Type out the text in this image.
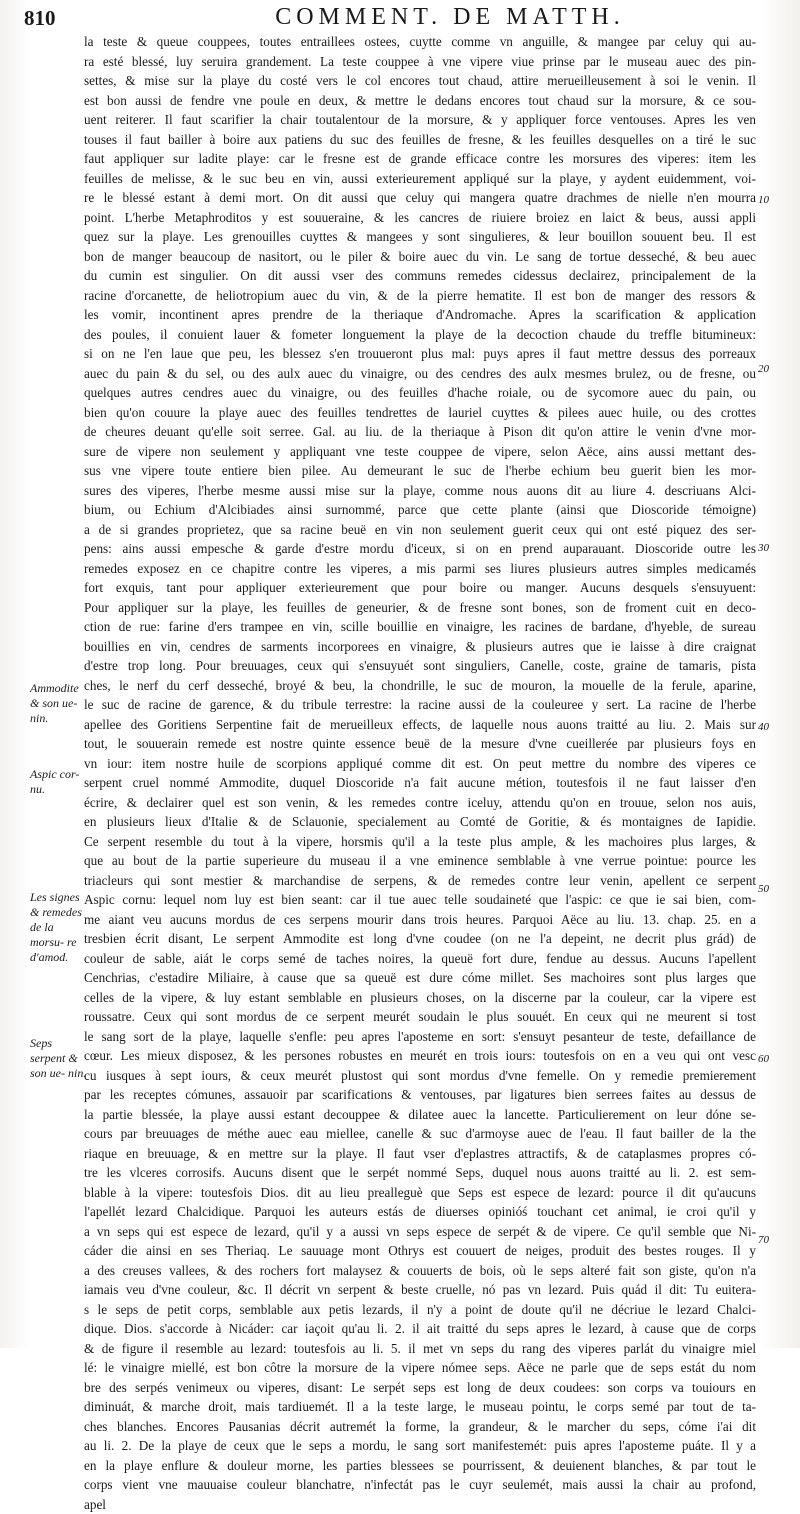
810	COMMENT. DE MATTH.
la teste & queue couppees, toutes entraillees ostees, cuytte comme vn anguille, & mangee par celuy qui au-
ra esté blessé, luy seruira grandement. La teste couppee à vne vipere viue prinse par le museau auec des pin-
settes, & mise sur la playe du costé vers le col encores tout chaud, attire merueilleusement à soi le venin. Il
est bon aussi de fendre vne poule en deux, & mettre le dedans encores tout chaud sur la morsure, & ce sou-
uent reiterer. Il faut scarifier la chair toutalentour de la morsure, & y appliquer force ventouses. Apres les ven
touses il faut bailler à boire aux patiens du suc des feuilles de fresne, & les feuilles desquelles on a tiré le suc
faut appliquer sur ladite playe: car le fresne est de grande efficace contre les morsures des viperes: item les
feuilles de melisse, & le suc beu en vin, aussi exterieurement appliqué sur la playe, y aydent euidemment, voi-
re le blessé estant à demi mort. On dit aussi que celuy qui mangera quatre drachmes de nielle n'en mourra
point. L'herbe Metaphroditos y est souueraine, & les cancres de riuiere broiez en laict & beus, aussi appli
quez sur la playe. Les grenouilles cuyttes & mangees y sont singulieres, & leur bouillon souuent beu. Il est
bon de manger beaucoup de nasitort, ou le piler & boire auec du vin. Le sang de tortue desseché, & beu auec
du cumin est singulier. On dit aussi vser des communs remedes cidessus declairez, principalement de la
racine d'orcanette, de heliotropium auec du vin, & de la pierre hematite. Il est bon de manger des ressors &
les vomir, incontinent apres prendre de la theriaque d'Andromache. Apres la scarification & application
des poules, il conuient lauer & fometer longuement la playe de la decoction chaude du treffle bitumineux:
si on ne l'en laue que peu, les blessez s'en trouueront plus mal: puys apres il faut mettre dessus des porreaux
auec du pain & du sel, ou des aulx auec du vinaigre, ou des cendres des aulx mesmes brulez, ou de fresne, ou
quelques autres cendres auec du vinaigre, ou des feuilles d'hache roiale, ou de sycomore auec du pain, ou
bien qu'on couure la playe auec des feuilles tendrettes de lauriel cuyttes & pilees auec huile, ou des crottes
de cheures deuant qu'elle soit serree. Gal. au liu. de la theriaque à Pison dit qu'on attire le venin d'vne mor-
sure de vipere non seulement y appliquant vne teste couppee de vipere, selon Aëce, ains aussi mettant des-
sus vne vipere toute entiere bien pilee. Au demeurant le suc de l'herbe echium beu guerit bien les mor-
sures des viperes, l'herbe mesme aussi mise sur la playe, comme nous auons dit au liure 4. descriuans Alci-
bium, ou Echium d'Alcibiades ainsi surnommé, parce que cette plante (ainsi que Dioscoride témoigne)
a de si grandes proprietez, que sa racine beuë en vin non seulement guerit ceux qui ont esté piquez des ser-
pens: ains aussi empesche & garde d'estre mordu d'iceux, si on en prend auparauant. Dioscoride outre les
remedes exposez en ce chapitre contre les viperes, a mis parmi ses liures plusieurs autres simples medicamés
fort exquis, tant pour appliquer exterieurement que pour boire ou manger. Aucuns desquels s'ensuyuent:
Pour appliquer sur la playe, les feuilles de geneurier, & de fresne sont bones, son de froment cuit en deco-
ction de rue: farine d'ers trampee en vin, scille bouillie en vinaigre, les racines de bardane, d'hyeble, de sureau
bouillies en vin, cendres de sarments incorporees en vinaigre, & plusieurs autres que ie laisse à dire craignat
d'estre trop long. Pour breuuages, ceux qui s'ensuyuét sont singuliers, Canelle, coste, graine de tamaris, pista
ches, le nerf du cerf desseché, broyé & beu, la chondrille, le suc de mouron, la mouelle de la ferule, aparine,
le suc de racine de garence, & du tribule terrestre: la racine aussi de la couleuree y sert. La racine de l'herbe
apellee des Goritiens Serpentine fait de merueilleux effects, de laquelle nous auons traitté au liu. 2. Mais sur
tout, le souuerain remede est nostre quinte essence beuë de la mesure d'vne cueillerée par plusieurs foys en
vn iour: item nostre huile de scorpions appliqué comme dit est. On peut mettre du nombre des viperes ce
serpent cruel nommé Ammodite, duquel Dioscoride n'a fait aucune métion, toutesfois il ne faut laisser d'en
écrire, & declairer quel est son venin, & les remedes contre iceluy, attendu qu'on en trouue, selon nos auis,
en plusieurs lieux d'Italie & de Sclauonie, specialement au Comté de Goritie, & és montaignes de Iapidie.
Ce serpent resemble du tout à la vipere, horsmis qu'il a la teste plus ample, & les machoires plus larges, &
que au bout de la partie superieure du museau il a vne eminence semblable à vne verrue pointue: pource les
triacleurs qui sont mestier & marchandise de serpens, & de remedes contre leur venin, apellent ce serpent
Aspic cornu: lequel nom luy est bien seant: car il tue auec telle soudaineté que l'aspic: ce que ie sai bien, com-
me aiant veu aucuns mordus de ces serpens mourir dans trois heures. Parquoi Aëce au liu. 13. chap. 25. en a
tresbien écrit disant, Le serpent Ammodite est long d'vne coudee (on ne l'a depeint, ne decrit plus grád) de
couleur de sable, aiát le corps semé de taches noires, la queuë fort dure, fendue au dessus. Aucuns l'apellent
Cenchrias, c'estadire Miliaire, à cause que sa queuë est dure cóme millet. Ses machoires sont plus larges que
celles de la vipere, & luy estant semblable en plusieurs choses, on la discerne par la couleur, car la vipere est
roussatre. Ceux qui sont mordus de ce serpent meurét soudain le plus souuét. En ceux qui ne meurent si tost
le sang sort de la playe, laquelle s'enfle: peu apres l'aposteme en sort: s'ensuyt pesanteur de teste, defaillance de
cœur. Les mieux disposez, & les persones robustes en meurét en trois iours: toutesfois on en a veu qui ont vesc
cu iusques à sept iours, & ceux meurét plustost qui sont mordus d'vne femelle. On y remedie premierement
par les receptes cómunes, assauoir par scarifications & ventouses, par ligatures bien serrees faites au dessus de
la partie blessée, la playe aussi estant decouppee & dilatee auec la lancette. Particulierement on leur dóne se-
cours par breuuages de méthe auec eau miellee, canelle & suc d'armoyse auec de l'eau. Il faut bailler de la the
riaque en breuuage, & en mettre sur la playe. Il faut vser d'eplastres attractifs, & de cataplasmes propres có-
tre les vlceres corrosifs. Aucuns disent que le serpét nommé Seps, duquel nous auons traitté au li. 2. est sem-
blable à la vipere: toutesfois Dios. dit au lieu prealleguè que Seps est espece de lezard: pource il dit qu'aucuns
l'apellét lezard Chalcidique. Parquoi les auteurs estás de diuerses opinióś touchant cet animal, ie croi qu'il y
a vn seps qui est espece de lezard, qu'il y a aussi vn seps espece de serpét & de vipere. Ce qu'il semble que Ni-
cáder die ainsi en ses Theriaq. Le sauuage mont Othrys est couuert de neiges, produit des bestes rouges. Il y
a des creuses vallees, & des rochers fort malaysez & couuerts de bois, où le seps alteré fait son giste, qu'on n'a
iamais veu d'vne couleur, &c. Il décrit vn serpent & beste cruelle, nó pas vn lezard. Puis quád il dit: Tu euitera-
s le seps de petit corps, semblable aux petis lezards, il n'y a point de doute qu'il ne décriue le lezard Chalci-
dique. Dios. s'accorde à Nicáder: car iaçoit qu'au li. 2. il ait traitté du seps apres le lezard, à cause que de corps
& de figure il resemble au lezard: toutesfois au li. 5. il met vn seps du rang des viperes parlát du vinaigre miel
lé: le vinaigre miellé, est bon côtre la morsure de la vipere nómee seps. Aëce ne parle que de seps estát du nom
bre des serpés venimeux ou viperes, disant: Le serpét seps est long de deux coudees: son corps va touiours en
diminuát, & marche droit, mais tardiuemét. Il a la teste large, le museau pointu, le corps semé par tout de ta-
ches blanches. Encores Pausanias décrit autremét la forme, la grandeur, & le marcher du seps, cóme i'ai dit
au li. 2. De la playe de ceux que le seps a mordu, le sang sort manifestemét: puis apres l'aposteme puáte. Il y a
en la playe enflure & douleur morne, les parties blessees se pourrissent, & deuienent blanches, & par tout le
corps vient vne mauuaise couleur blanchatre, n'infectát pas le cuyr seulemét, mais aussi la chair au profond,
apel
Ammodite & son ue- nin.
Aspic cor- nu.
Les signes & remedes de la morsu- re d'amod.
Seps serpent & son ue- nin.
10
20
30
40
50
60
70
